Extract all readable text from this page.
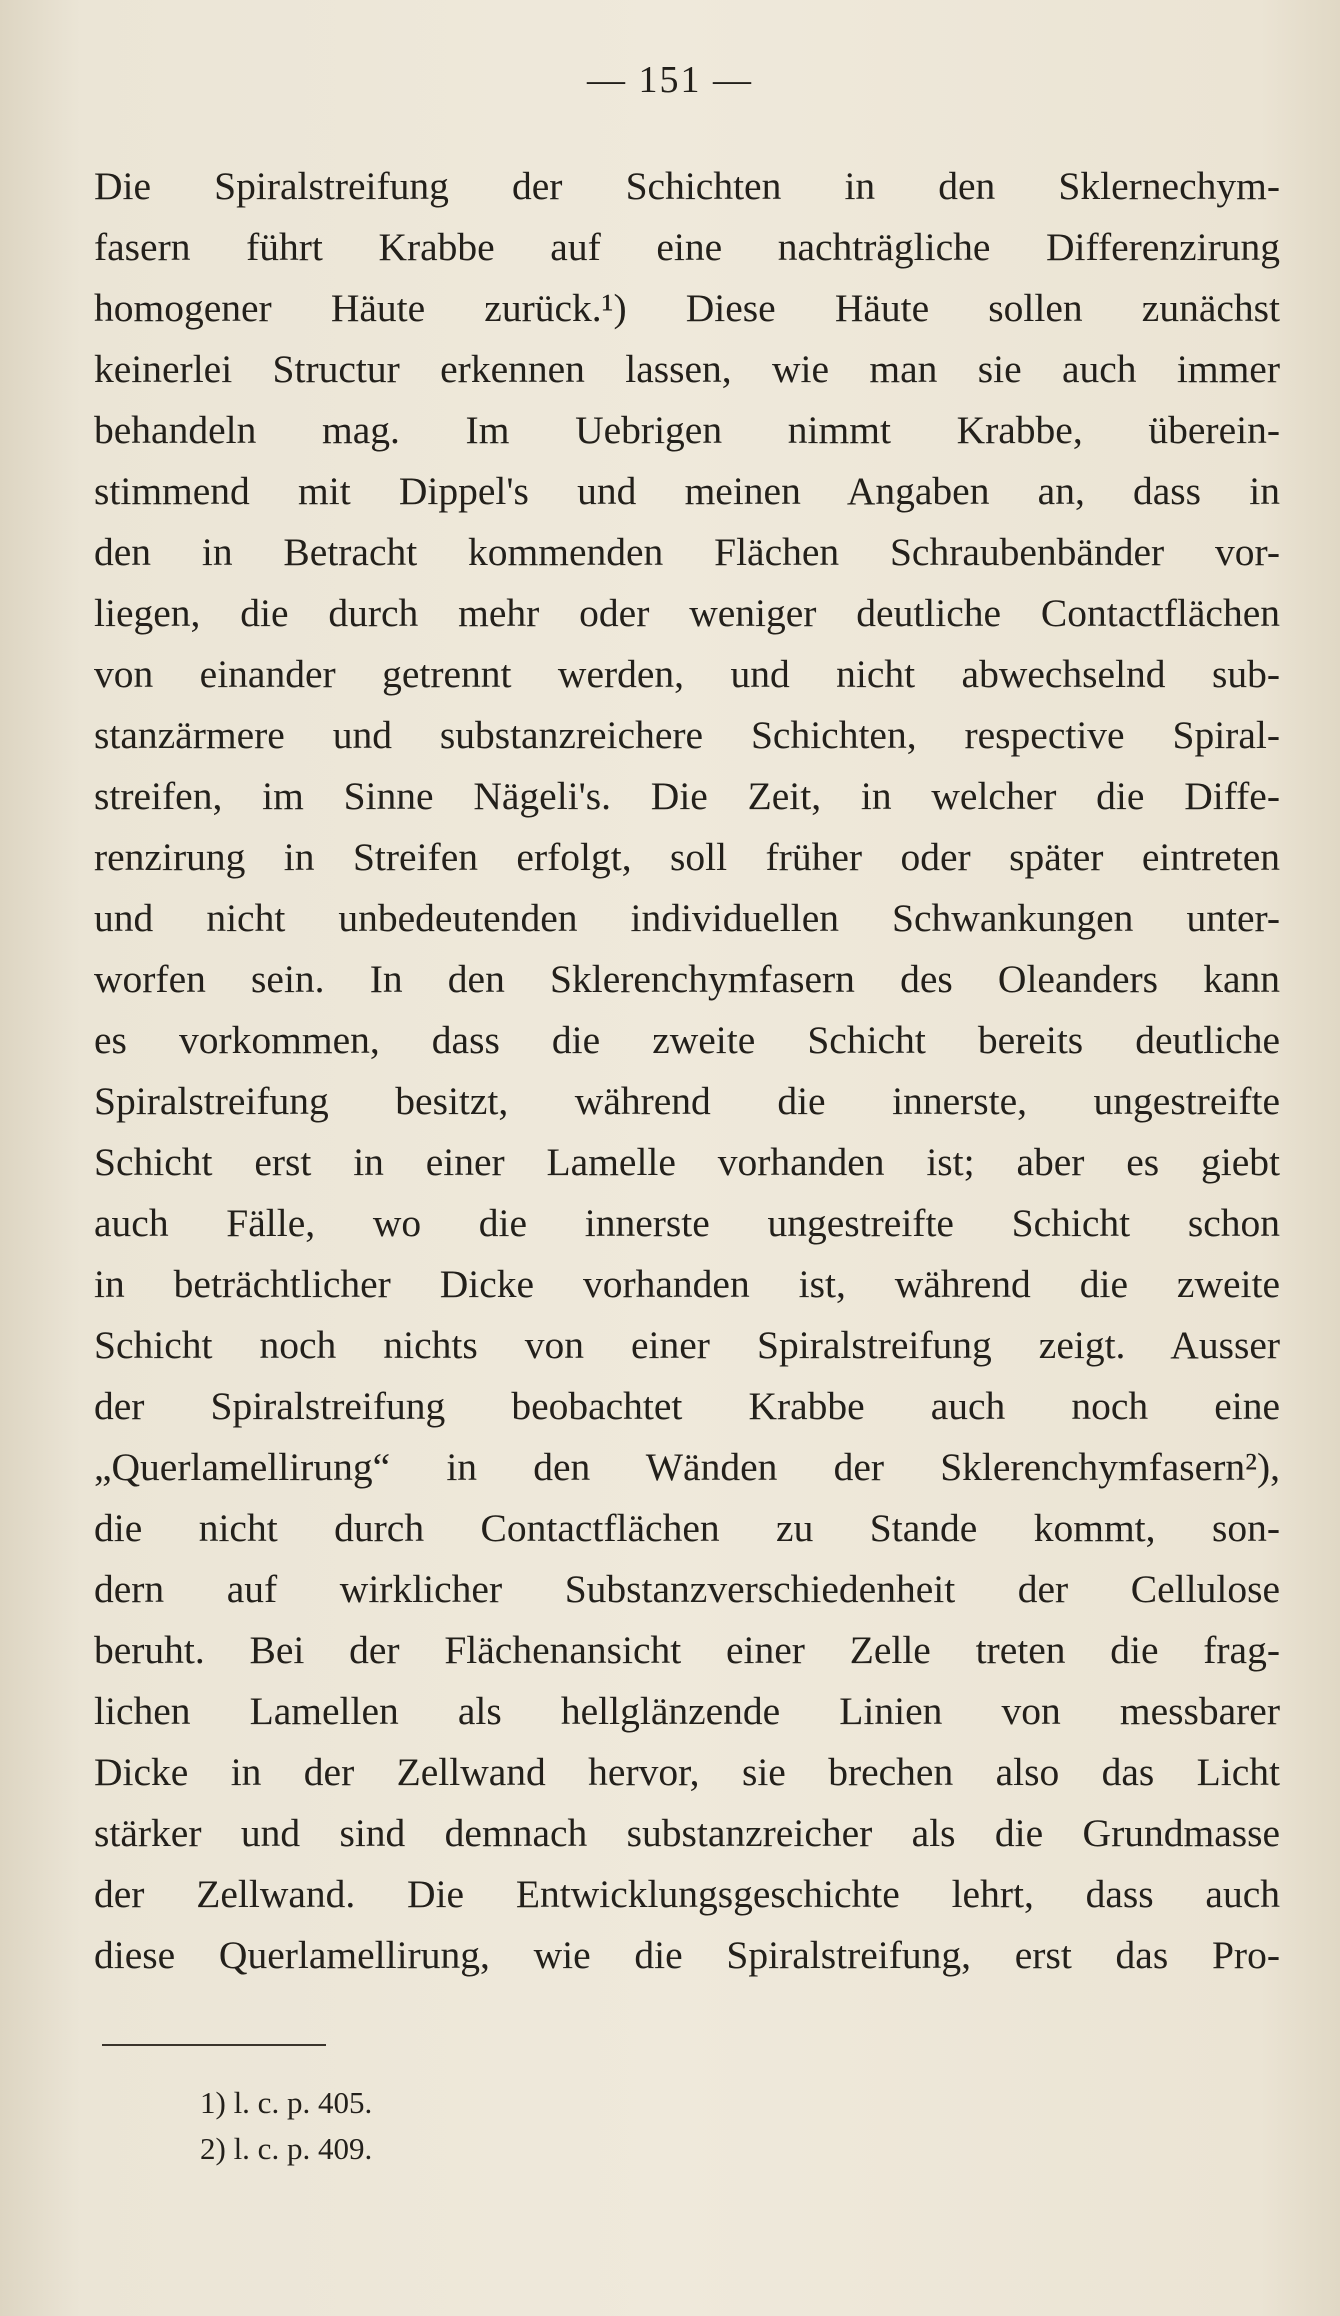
— 151 —
Die Spiralstreifung der Schichten in den Sklernechym-
fasern führt Krabbe auf eine nachträgliche Differenzirung
homogener Häute zurück.¹) Diese Häute sollen zunächst
keinerlei Structur erkennen lassen, wie man sie auch immer
behandeln mag. Im Uebrigen nimmt Krabbe, überein-
stimmend mit Dippel's und meinen Angaben an, dass in
den in Betracht kommenden Flächen Schraubenbänder vor-
liegen, die durch mehr oder weniger deutliche Contactflächen
von einander getrennt werden, und nicht abwechselnd sub-
stanzärmere und substanzreichere Schichten, respective Spiral-
streifen, im Sinne Nägeli's. Die Zeit, in welcher die Diffe-
renzirung in Streifen erfolgt, soll früher oder später eintreten
und nicht unbedeutenden individuellen Schwankungen unter-
worfen sein. In den Sklerenchymfasern des Oleanders kann
es vorkommen, dass die zweite Schicht bereits deutliche
Spiralstreifung besitzt, während die innerste, ungestreifte
Schicht erst in einer Lamelle vorhanden ist; aber es giebt
auch Fälle, wo die innerste ungestreifte Schicht schon
in beträchtlicher Dicke vorhanden ist, während die zweite
Schicht noch nichts von einer Spiralstreifung zeigt. Ausser
der Spiralstreifung beobachtet Krabbe auch noch eine
„Querlamellirung“ in den Wänden der Sklerenchymfasern²),
die nicht durch Contactflächen zu Stande kommt, son-
dern auf wirklicher Substanzverschiedenheit der Cellulose
beruht. Bei der Flächenansicht einer Zelle treten die frag-
lichen Lamellen als hellglänzende Linien von messbarer
Dicke in der Zellwand hervor, sie brechen also das Licht
stärker und sind demnach substanzreicher als die Grundmasse
der Zellwand. Die Entwicklungsgeschichte lehrt, dass auch
diese Querlamellirung, wie die Spiralstreifung, erst das Pro-
1) l. c. p. 405.
2) l. c. p. 409.
